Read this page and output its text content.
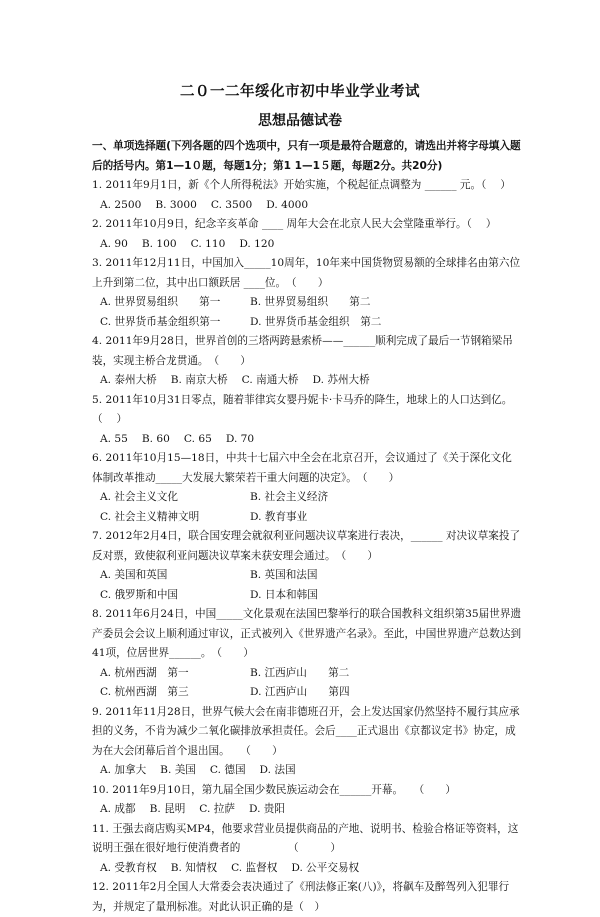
二０一二年绥化市初中毕业学业考试
思想品德试卷

一、单项选择题(下列各题的四个选项中，只有一项是最符合题意的，请选出并将字母填入题后的括号内。第1—1０题，每题1分；第1 1—1５题，每题2分。共20分)

1. 2011年9月1日，新《个人所得税法》开始实施，个税起征点调整为 ______ 元。（　 ）

A. 2500 B. 3000 C. 3500 D. 4000

2. 2011年10月9日，纪念辛亥革命 ____ 周年大会在北京人民大会堂隆重举行。（　 ）

A. 90 B. 100 C. 110 D. 120

3. 2011年12月11日，中国加入_____10周年，10年来中国货物贸易额的全球排名由第六位上升到第二位，其中出口额跃居 ____位。　（　　）

A. 世界贸易组织　　第一	B. 世界贸易组织　　第二
C. 世界货币基金组织第一	D. 世界货币基金组织　第二

4. 2011年9月28日，世界首创的三塔两跨悬索桥——______顺利完成了最后一节钢箱梁吊装，实现主桥合龙贯通。　（　　）

A. 泰州大桥 B. 南京大桥 C. 南通大桥 D. 苏州大桥

5. 2011年10月31日零点，随着菲律宾女婴丹妮卡·卡马乔的降生，地球上的人口达到亿。　（　 ）

A. 55 B. 60 C. 65 D. 70

6. 2011年10月15—18日，中共十七届六中全会在北京召开，会议通过了《关于深化文化体制改革推动_____大发展大繁荣若干重大问题的决定》。　（　　）

A. 社会主义文化	B. 社会主义经济
C. 社会主义精神文明	D. 教育事业

7. 2012年2月4日，联合国安理会就叙利亚问题决议草案进行表决，______ 对决议草案投了反对票，致使叙利亚问题决议草案未获安理会通过。　（　　）

A. 美国和英国	B. 英国和法国
C. 俄罗斯和中国	D. 日本和韩国

8. 2011年6月24日，中国_____文化景观在法国巴黎举行的联合国教科文组织第35届世界遗产委员会会议上顺利通过审议，正式被列入《世界遗产名录》。至此，中国世界遗产总数达到41项，位居世界______。　（　　）

A. 杭州西湖　第一	B. 江西庐山　　第二
C. 杭州西湖　第三	D. 江西庐山　　第四

9. 2011年11月28日，世界气候大会在南非德班召开，会上发达国家仍然坚持不履行其应承担的义务，不肯为减少二氧化碳排放承担责任。会后____正式退出《京都议定书》协定，成为在大会闭幕后首个退出国。　　（　　）

A. 加拿大 B. 美国 C. 德国 D. 法国

10. 2011年9月10日，第九届全国少数民族运动会在______开幕。　　（　　）

A. 成都 B. 昆明 C. 拉萨 D. 贵阳

11. 王强去商店购买MP4，他要求营业员提供商品的产地、说明书、检验合格证等资料，这说明王强在很好地行使消费者的　　　　　（　　　）

A. 受教育权 B. 知情权 C. 监督权 D. 公平交易权

12. 2011年2月全国人大常委会表决通过了《刑法修正案(八)》，将飙车及醉驾列入犯罪行为，并规定了量刑标准。对此认识正确的是（　）
